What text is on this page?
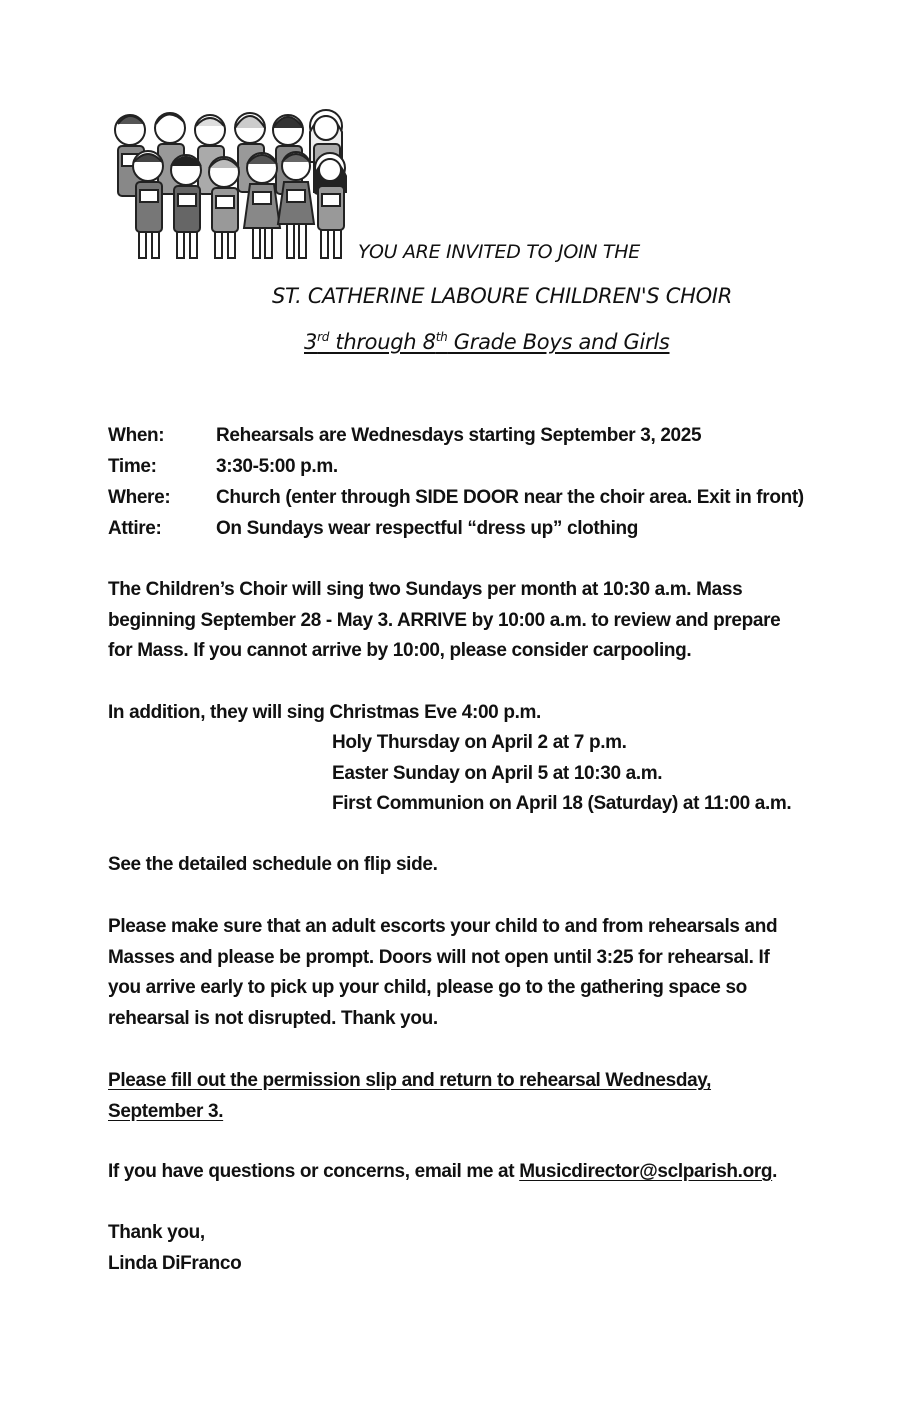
YOU ARE INVITED TO JOIN THE
ST. CATHERINE LABOURE CHILDREN'S CHOIR
3rd through 8th Grade Boys and Girls
When:	Rehearsals are Wednesdays starting September 3, 2025
Time:	3:30-5:00 p.m.
Where: Church (enter through SIDE DOOR near the choir area. Exit in front)
Attire:	On Sundays wear respectful “dress up” clothing

The Children’s Choir will sing two Sundays per month at 10:30 a.m. Mass

beginning September 28 - May 3. ARRIVE by 10:00 a.m. to review and prepare

for Mass. If you cannot arrive by 10:00, please consider carpooling.

In addition, they will sing Christmas Eve 4:00 p.m.
Holy Thursday on April 2 at 7 p.m.
Easter Sunday on April 5 at 10:30 a.m.
First Communion on April 18 (Saturday) at 11:00 a.m.
See the detailed schedule on flip side.

Please make sure that an adult escorts your child to and from rehearsals and

Masses and please be prompt. Doors will not open until 3:25 for rehearsal. If

you arrive early to pick up your child, please go to the gathering space so

rehearsal is not disrupted. Thank you.

Please fill out the permission slip and return to rehearsal Wednesday,

September 3.

If you have questions or concerns, email me at Musicdirector@sclparish.org.
Thank you,
Linda DiFranco
